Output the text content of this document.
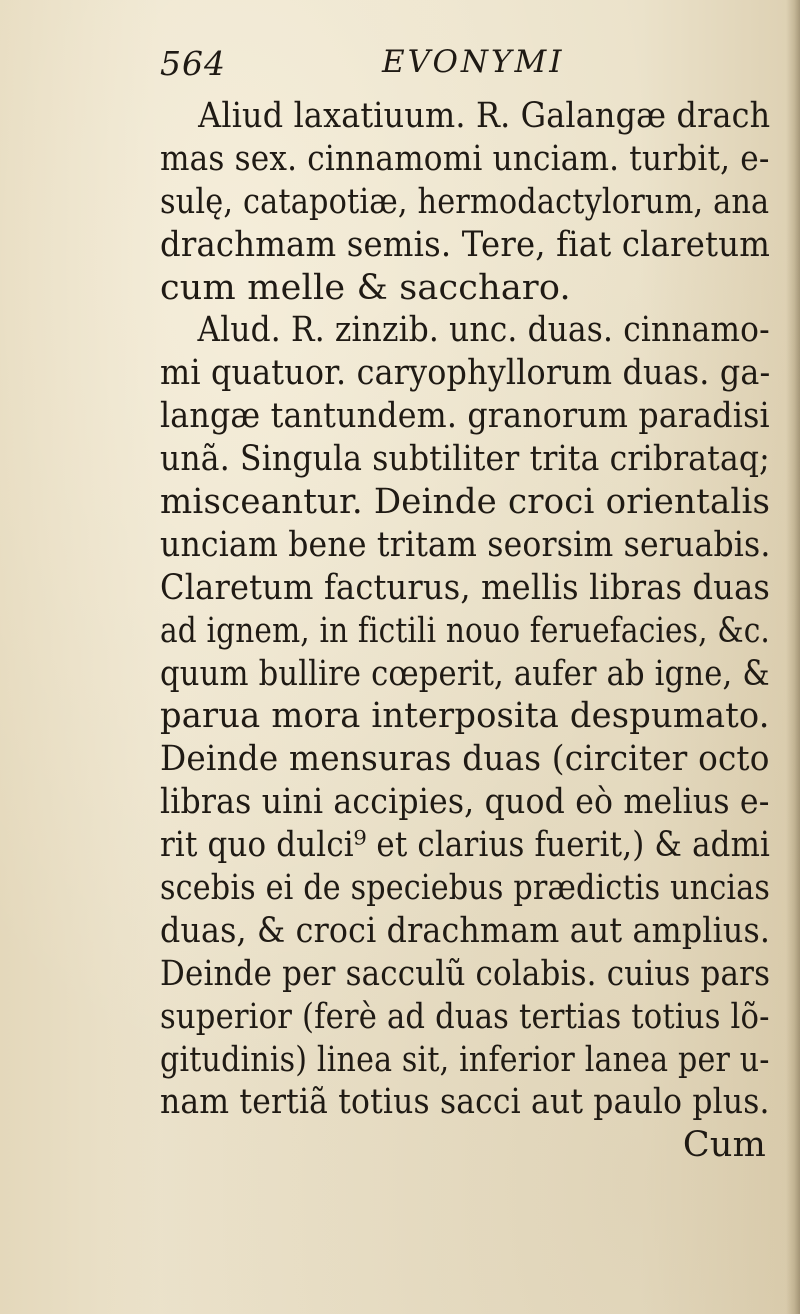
564	EVONYMI
Aliud laxatiuum. R. Galangæ drach
mas sex. cinnamomi unciam. turbit, e-
sulę, catapotiæ, hermodactylorum, ana
drachmam semis. Tere, fiat claretum
cum melle & saccharo.
Alud. R. zinzib. unc. duas. cinnamo-
mi quatuor. caryophyllorum duas. ga-
langæ tantundem. granorum paradisi
unã. Singula subtiliter trita cribrataq;
misceantur. Deinde croci orientalis
unciam bene tritam seorsim seruabis.
Claretum facturus, mellis libras duas
ad ignem, in fictili nouo feruefacies, &c.
quum bullire cœperit, aufer ab igne, &
parua mora interposita despumato.
Deinde mensuras duas (circiter octo
libras uini accipies, quod eò melius e-
rit quo dulci⁹ et clarius fuerit,) & admi
scebis ei de speciebus prædictis uncias
duas, & croci drachmam aut amplius.
Deinde per sacculũ colabis. cuius pars
superior (ferè ad duas tertias totius lõ-
gitudinis) linea sit, inferior lanea per u-
nam tertiã totius sacci aut paulo plus.
Cum
